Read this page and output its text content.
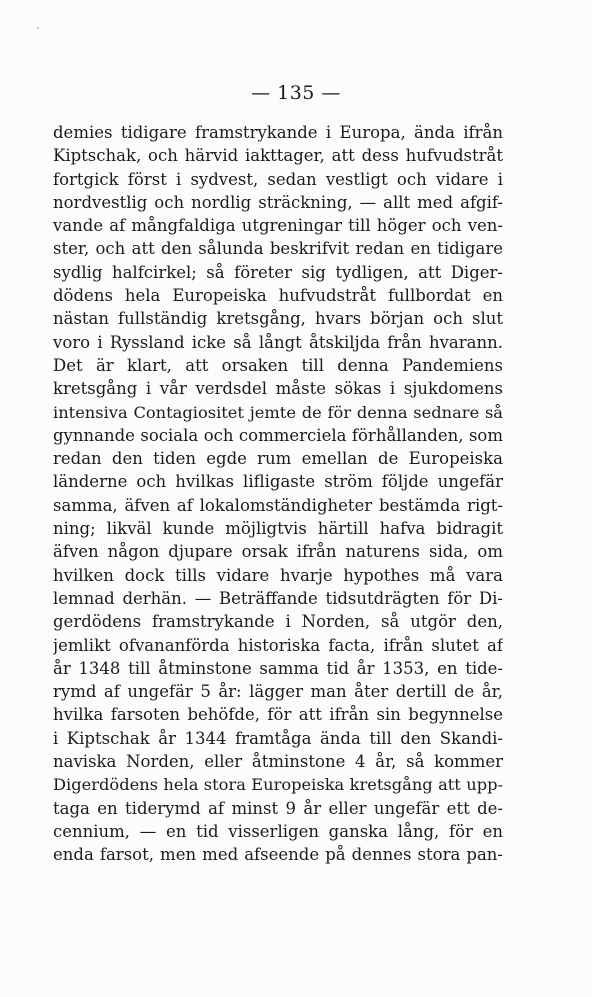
— 135 —
demies tidigare framstrykande i Europa, ända ifrån
Kiptschak, och härvid iakttager, att dess hufvudstråt
fortgick först i sydvest, sedan vestligt och vidare i
nordvestlig och nordlig sträckning, — allt med afgif-
vande af mångfaldiga utgreningar till höger och ven-
ster, och att den sålunda beskrifvit redan en tidigare
sydlig halfcirkel; så företer sig tydligen, att Diger-
dödens hela Europeiska hufvudstråt fullbordat en
nästan fullständig kretsgång, hvars början och slut
voro i Ryssland icke så långt åtskiljda från hvarann.
Det är klart, att orsaken till denna Pandemiens
kretsgång i vår verdsdel måste sökas i sjukdomens
intensiva Contagiositet jemte de för denna sednare så
gynnande sociala och commerciela förhållanden, som
redan den tiden egde rum emellan de Europeiska
länderne och hvilkas lifligaste ström följde ungefär
samma, äfven af lokalomständigheter bestämda rigt-
ning; likväl kunde möjligtvis härtill hafva bidragit
äfven någon djupare orsak ifrån naturens sida, om
hvilken dock tills vidare hvarje hypothes må vara
lemnad derhän. — Beträffande tidsutdrägten för Di-
gerdödens framstrykande i Norden, så utgör den,
jemlikt ofvananförda historiska facta, ifrån slutet af
år 1348 till åtminstone samma tid år 1353, en tide-
rymd af ungefär 5 år: lägger man åter dertill de år,
hvilka farsoten behöfde, för att ifrån sin begynnelse
i Kiptschak år 1344 framtåga ända till den Skandi-
naviska Norden, eller åtminstone 4 år, så kommer
Digerdödens hela stora Europeiska kretsgång att upp-
taga en tiderymd af minst 9 år eller ungefär ett de-
cennium, — en tid visserligen ganska lång, för en
enda farsot, men med afseende på dennes stora pan-
